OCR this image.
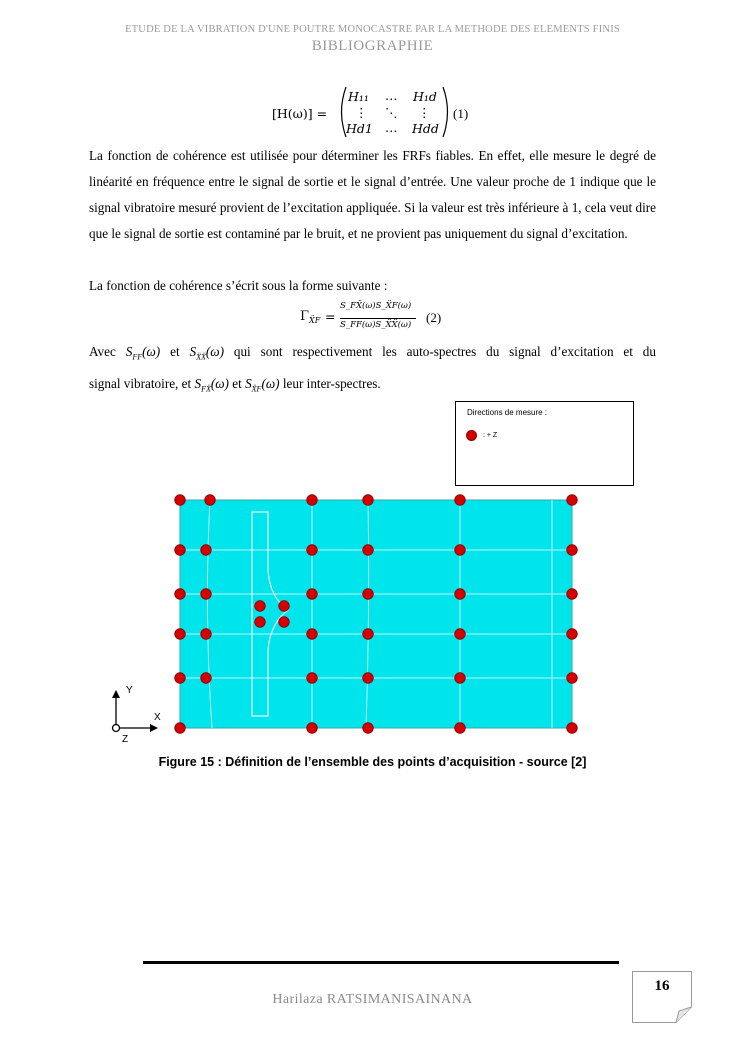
ETUDE DE LA VIBRATION D'UNE POUTRE MONOCASTRE PAR LA METHODE DES ELEMENTS FINIS
BIBLIOGRAPHIE
[H(ω)] =
H₁₁ … H₁d
⋮ ⋱ ⋮
Hd1 … Hdd
(1)
La fonction de cohérence est utilisée pour déterminer les FRFs fiables. En effet, elle mesure le degré de linéarité en fréquence entre le signal de sortie et le signal d’entrée. Une valeur proche de 1 indique que le signal vibratoire mesuré provient de l’excitation appliquée. Si la valeur est très inférieure à 1, cela veut dire que le signal de sortie est contaminé par le bruit, et ne provient pas uniquement du signal d’excitation.
La fonction de cohérence s’écrit sous la forme suivante :
Γ ẌF =
S_FẌ(ω)S_ẌF(ω)
S_FF(ω)S_ẌẌ(ω) (2)
Avec $S_{FF}(\omega)$ et $S_{ẌẌ}(\omega)$ qui sont respectivement les auto-spectres du signal d’excitation et du
signal vibratoire, et $S_{FẌ}(\omega)$ et $S_{ẌF}(\omega)$ leur inter-spectres.
Directions de mesure :
: + Z
Y
X
Z
Figure 15 : Définition de l’ensemble des points d’acquisition - source [2]
Harilaza RATSIMANISAINANA
16
